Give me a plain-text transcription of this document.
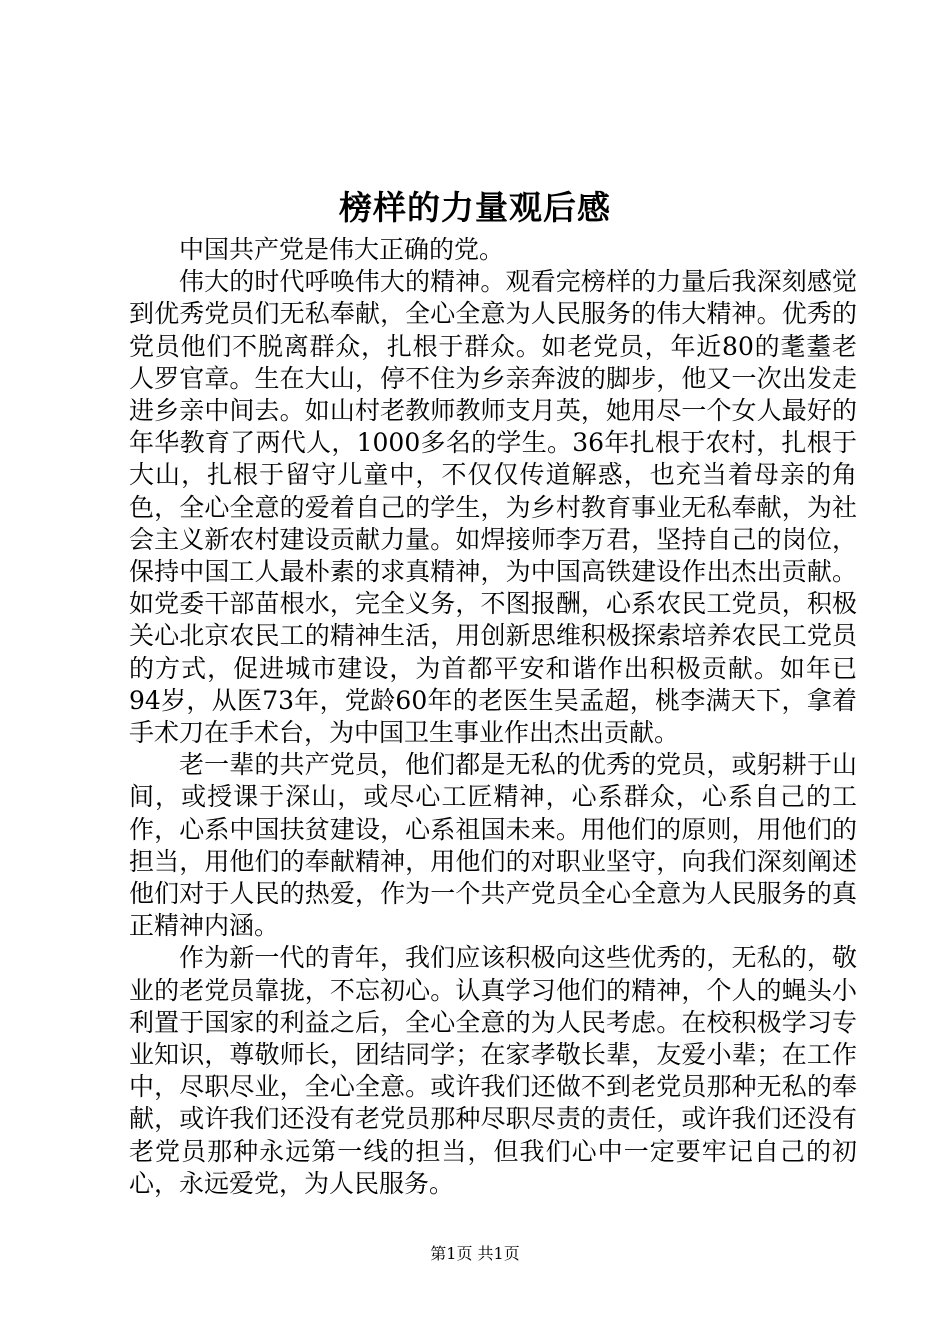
榜样的力量观后感

中国共产党是伟大正确的党。

伟大的时代呼唤伟大的精神。观看完榜样的力量后我深刻感觉到优秀党员们无私奉献，全心全意为人民服务的伟大精神。优秀的党员他们不脱离群众，扎根于群众。如老党员，年近80的耄耋老人罗官章。生在大山，停不住为乡亲奔波的脚步，他又一次出发走进乡亲中间去。如山村老教师教师支月英，她用尽一个女人最好的年华教育了两代人，1000多名的学生。36年扎根于农村，扎根于大山，扎根于留守儿童中，不仅仅传道解惑，也充当着母亲的角色，全心全意的爱着自己的学生，为乡村教育事业无私奉献，为社会主义新农村建设贡献力量。如焊接师李万君，坚持自己的岗位，保持中国工人最朴素的求真精神，为中国高铁建设作出杰出贡献。如党委干部苗根水，完全义务，不图报酬，心系农民工党员，积极关心北京农民工的精神生活，用创新思维积极探索培养农民工党员的方式，促进城市建设，为首都平安和谐作出积极贡献。如年已94岁，从医73年，党龄60年的老医生吴孟超，桃李满天下，拿着手术刀在手术台，为中国卫生事业作出杰出贡献。

老一辈的共产党员，他们都是无私的优秀的党员，或躬耕于山间，或授课于深山，或尽心工匠精神，心系群众，心系自己的工作，心系中国扶贫建设，心系祖国未来。用他们的原则，用他们的担当，用他们的奉献精神，用他们的对职业坚守，向我们深刻阐述他们对于人民的热爱，作为一个共产党员全心全意为人民服务的真正精神内涵。

作为新一代的青年，我们应该积极向这些优秀的，无私的，敬业的老党员靠拢，不忘初心。认真学习他们的精神，个人的蝇头小利置于国家的利益之后，全心全意的为人民考虑。在校积极学习专业知识，尊敬师长，团结同学；在家孝敬长辈，友爱小辈；在工作中，尽职尽业，全心全意。或许我们还做不到老党员那种无私的奉献，或许我们还没有老党员那种尽职尽责的责任，或许我们还没有老党员那种永远第一线的担当，但我们心中一定要牢记自己的初心，永远爱党，为人民服务。

第1页 共1页
